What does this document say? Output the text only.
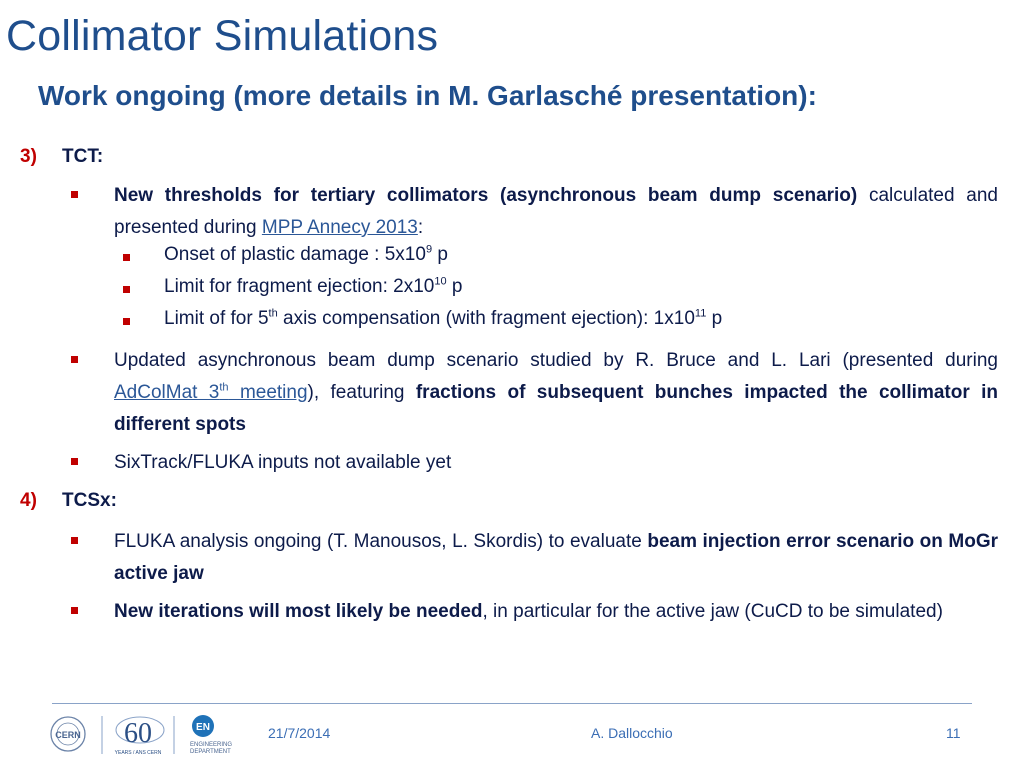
Collimator Simulations
Work ongoing (more details in M. Garlasché presentation):
3) TCT:
New thresholds for tertiary collimators (asynchronous beam dump scenario) calculated and presented during MPP Annecy 2013:
Onset of plastic damage : $5x10^9$ p
Limit for fragment ejection: $2x10^{10}$ p
Limit of for 5th axis compensation (with fragment ejection): $1x10^{11}$ p
Updated asynchronous beam dump scenario studied by R. Bruce and L. Lari (presented during AdColMat 3th meeting), featuring fractions of subsequent bunches impacted the collimator in different spots
SixTrack/FLUKA inputs not available yet
4) TCSx:
FLUKA analysis ongoing (T. Manousos, L. Skordis) to evaluate beam injection error scenario on MoGr active jaw
New iterations will most likely be needed, in particular for the active jaw (CuCD to be simulated)
CERN 60
YEARS / ANS CERN
EN
ENGINEERING
DEPARTMENT
21/7/2014	A. Dallocchio	11
